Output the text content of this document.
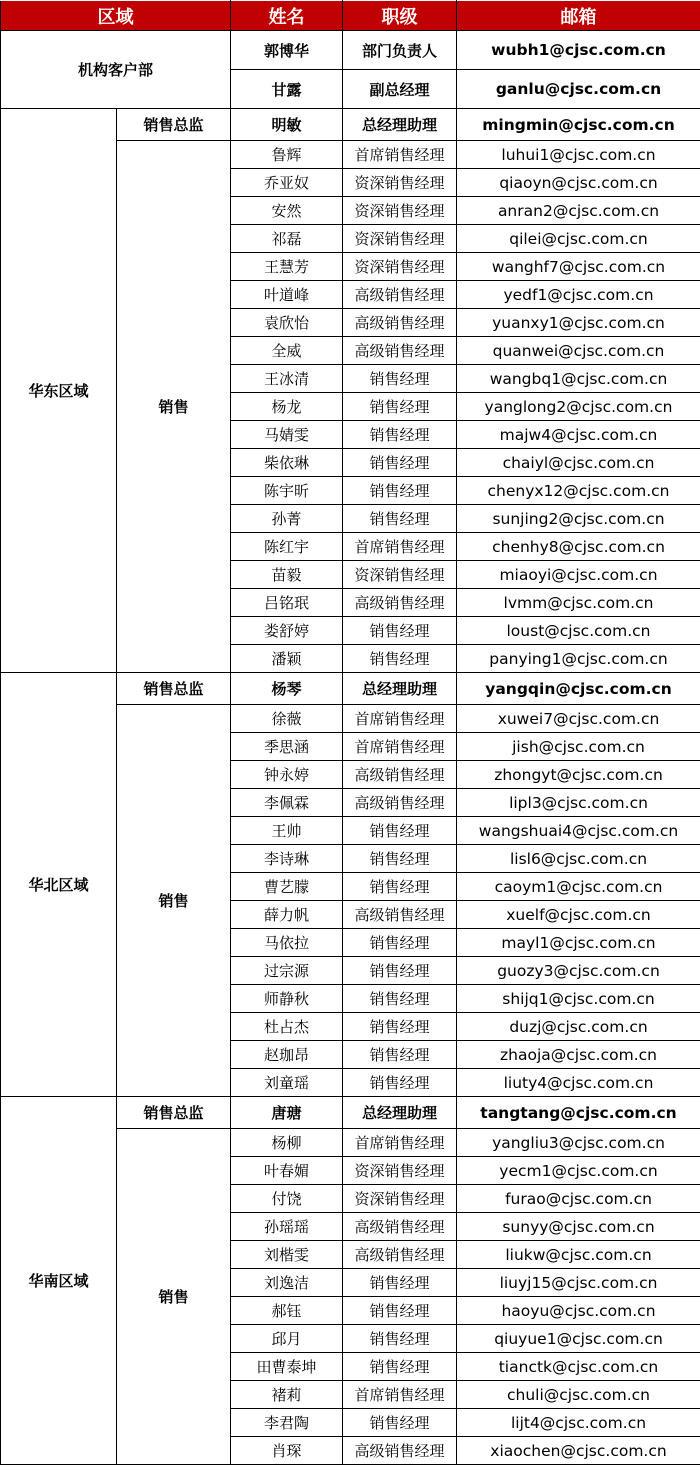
区域		姓名	职级	邮箱
机构客户部		郭博华	部门负责人	wubh1@cjsc.com.cn
		甘露	副总经理	ganlu@cjsc.com.cn
华东区域	销售总监	明敏	总经理助理	mingmin@cjsc.com.cn
	销售	鲁辉	首席销售经理	luhui1@cjsc.com.cn
		乔亚奴	资深销售经理	qiaoyn@cjsc.com.cn
		安然	资深销售经理	anran2@cjsc.com.cn
		祁磊	资深销售经理	qilei@cjsc.com.cn
		王慧芳	资深销售经理	wanghf7@cjsc.com.cn
		叶道峰	高级销售经理	yedf1@cjsc.com.cn
		袁欣怡	高级销售经理	yuanxy1@cjsc.com.cn
		全威	高级销售经理	quanwei@cjsc.com.cn
		王冰清	销售经理	wangbq1@cjsc.com.cn
		杨龙	销售经理	yanglong2@cjsc.com.cn
		马婧雯	销售经理	majw4@cjsc.com.cn
		柴依琳	销售经理	chaiyl@cjsc.com.cn
		陈宇昕	销售经理	chenyx12@cjsc.com.cn
		孙菁	销售经理	sunjing2@cjsc.com.cn
		陈红宇	首席销售经理	chenhy8@cjsc.com.cn
		苗毅	资深销售经理	miaoyi@cjsc.com.cn
		吕铭珉	高级销售经理	lvmm@cjsc.com.cn
		娄舒婷	销售经理	loust@cjsc.com.cn
		潘颖	销售经理	panying1@cjsc.com.cn
华北区域	销售总监	杨琴	总经理助理	yangqin@cjsc.com.cn
	销售	徐薇	首席销售经理	xuwei7@cjsc.com.cn
		季思涵	首席销售经理	jish@cjsc.com.cn
		钟永婷	高级销售经理	zhongyt@cjsc.com.cn
		李佩霖	高级销售经理	lipl3@cjsc.com.cn
		王帅	销售经理	wangshuai4@cjsc.com.cn
		李诗琳	销售经理	lisl6@cjsc.com.cn
		曹艺朦	销售经理	caoym1@cjsc.com.cn
		薛力帆	高级销售经理	xuelf@cjsc.com.cn
		马依拉	销售经理	mayl1@cjsc.com.cn
		过宗源	销售经理	guozy3@cjsc.com.cn
		师静秋	销售经理	shijq1@cjsc.com.cn
		杜占杰	销售经理	duzj@cjsc.com.cn
		赵珈昂	销售经理	zhaoja@cjsc.com.cn
		刘童瑶	销售经理	liuty4@cjsc.com.cn
华南区域	销售总监	唐瑭	总经理助理	tangtang@cjsc.com.cn
	销售	杨柳	首席销售经理	yangliu3@cjsc.com.cn
		叶春媚	资深销售经理	yecm1@cjsc.com.cn
		付饶	资深销售经理	furao@cjsc.com.cn
		孙瑶瑶	高级销售经理	sunyy@cjsc.com.cn
		刘楷雯	高级销售经理	liukw@cjsc.com.cn
		刘逸洁	销售经理	liuyj15@cjsc.com.cn
		郝钰	销售经理	haoyu@cjsc.com.cn
		邱月	销售经理	qiuyue1@cjsc.com.cn
		田曹泰坤	销售经理	tianctk@cjsc.com.cn
		褚莉	首席销售经理	chuli@cjsc.com.cn
		李君陶	销售经理	lijt4@cjsc.com.cn
		肖琛	高级销售经理	xiaochen@cjsc.com.cn
